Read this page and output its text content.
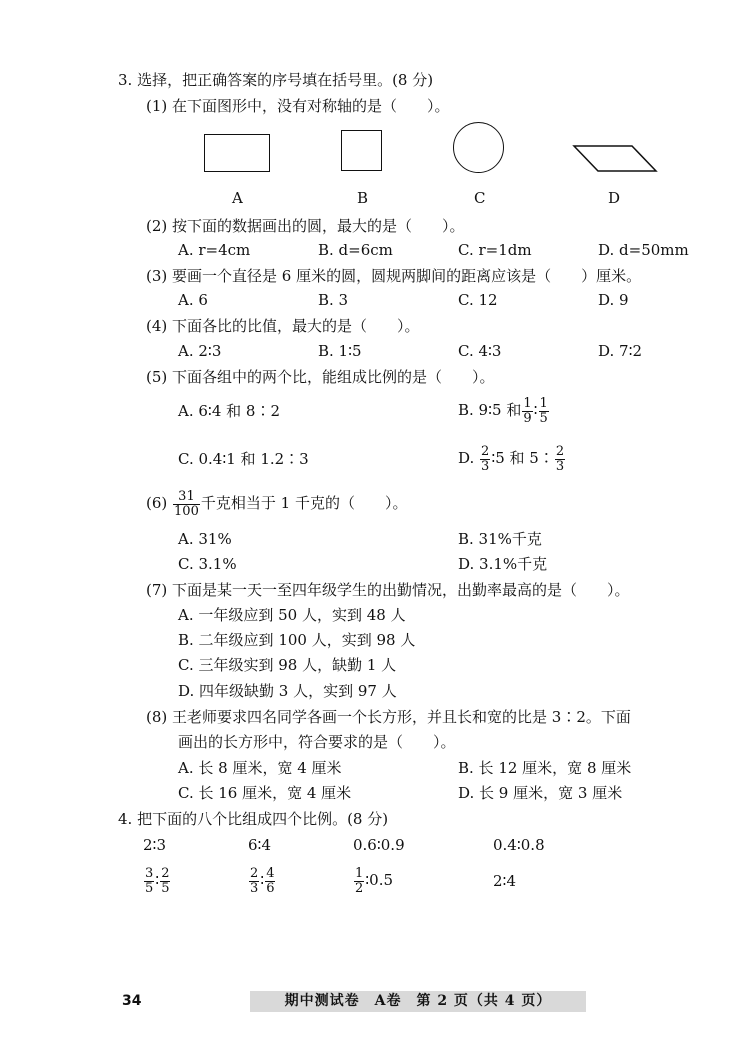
3. 选择，把正确答案的序号填在括号里。(8 分)
(1) 在下面图形中，没有对称轴的是（　　）。
A	B	C	D
(2) 按下面的数据画出的圆，最大的是（　　）。
A. r=4cm	B. d=6cm	C. r=1dm	D. d=50mm
(3) 要画一个直径是 6 厘米的圆，圆规两脚间的距离应该是（　　）厘米。
A. 6	B. 3	C. 12	D. 9
(4) 下面各比的比值，最大的是（　　）。
A. 2∶3	B. 1∶5	C. 4∶3	D. 7∶2
(5) 下面各组中的两个比，能组成比例的是（　　）。
A. 6∶4 和 8∶2	B. 9∶5 和 $\frac{1}{9}$ ∶ $\frac{1}{5}$
C. 0.4∶1 和 1.2∶3	D. $\frac{2}{3}$ ∶5 和 5∶ $\frac{2}{3}$
$(6) \frac{31}{100}$ 千克相当于 1 千克的（　　）。
A. 31%	B. 31%千克
C. 3.1%	D. 3.1%千克
(7) 下面是某一天一至四年级学生的出勤情况，出勤率最高的是（　　）。
A. 一年级应到 50 人，实到 48 人
B. 二年级应到 100 人，实到 98 人
C. 三年级实到 98 人，缺勤 1 人
D. 四年级缺勤 3 人，实到 97 人
(8) 王老师要求四名同学各画一个长方形，并且长和宽的比是 3∶2。下面
画出的长方形中，符合要求的是（　　）。
A. 长 8 厘米，宽 4 厘米	B. 长 12 厘米，宽 8 厘米
C. 长 16 厘米，宽 4 厘米	D. 长 9 厘米，宽 3 厘米
4. 把下面的八个比组成四个比例。(8 分)
2∶3	6∶4	0.6∶0.9	0.4∶0.8
$\frac{3}{5}$ ∶ $\frac{2}{5}$	$\frac{2}{3}$ ∶ $\frac{4}{6}$	$\frac{1}{2}$ ∶0.5	2∶4
34	期中测试卷　A卷　第 2 页（共 4 页）
